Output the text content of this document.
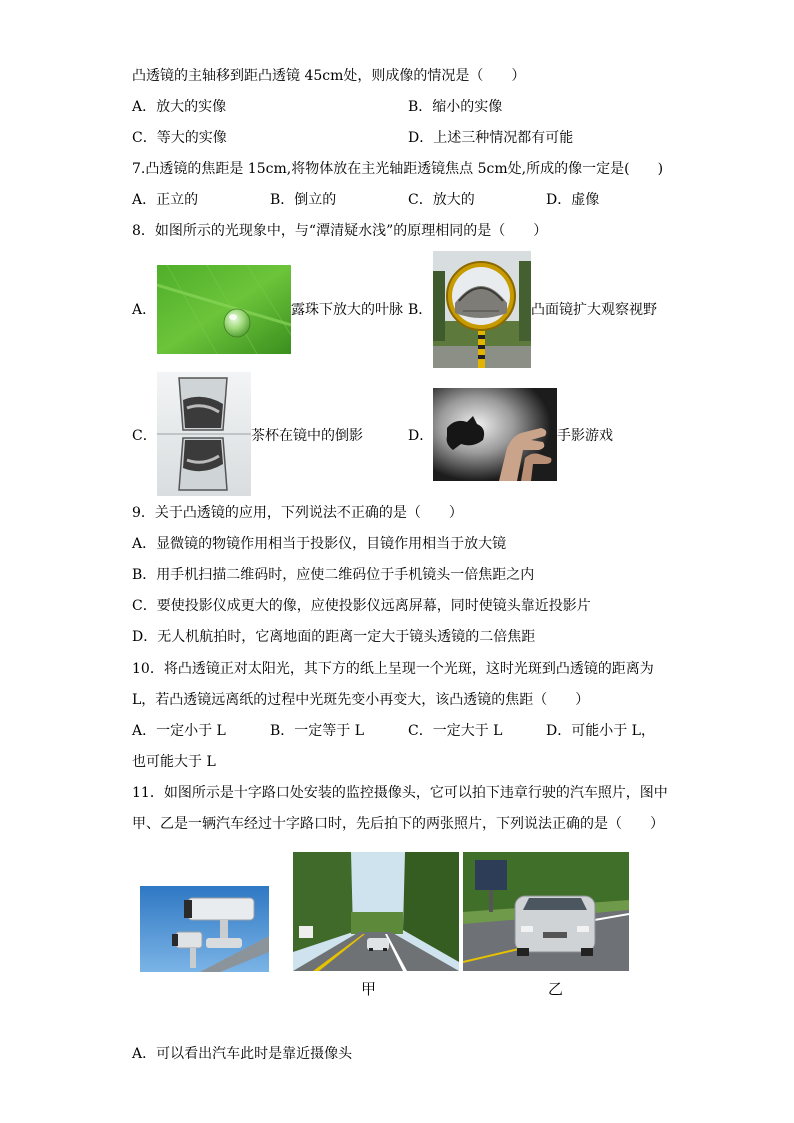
凸透镜的主轴移到距凸透镜 45cm处，则成像的情况是（　　）
A．放大的实像	B．缩小的实像
C．等大的实像	D．上述三种情况都有可能
7.凸透镜的焦距是 15cm,将物体放在主光轴距透镜焦点 5cm处,所成的像一定是(　　)
A．正立的	B．倒立的	C．放大的	D．虚像
8．如图所示的光现象中，与“潭清疑水浅”的原理相同的是（　　）
A．	露珠下放大的叶脉 B．	凸面镜扩大观察视野
C．	茶杯在镜中的倒影	D．	手影游戏
9．关于凸透镜的应用，下列说法不正确的是（　　）
A．显微镜的物镜作用相当于投影仪，目镜作用相当于放大镜
B．用手机扫描二维码时，应使二维码位于手机镜头一倍焦距之内
C．要使投影仪成更大的像，应使投影仪远离屏幕，同时使镜头靠近投影片
D．无人机航拍时，它离地面的距离一定大于镜头透镜的二倍焦距
10．将凸透镜正对太阳光，其下方的纸上呈现一个光斑，这时光斑到凸透镜的距离为
L，若凸透镜远离纸的过程中光斑先变小再变大，该凸透镜的焦距（　　）
A．一定小于 L	B．一定等于 L	C．一定大于 L	D．可能小于 L，
也可能大于 L
11．如图所示是十字路口处安装的监控摄像头，它可以拍下违章行驶的汽车照片，图中
甲、乙是一辆汽车经过十字路口时，先后拍下的两张照片，下列说法正确的是（　　）
甲	乙
A．可以看出汽车此时是靠近摄像头
